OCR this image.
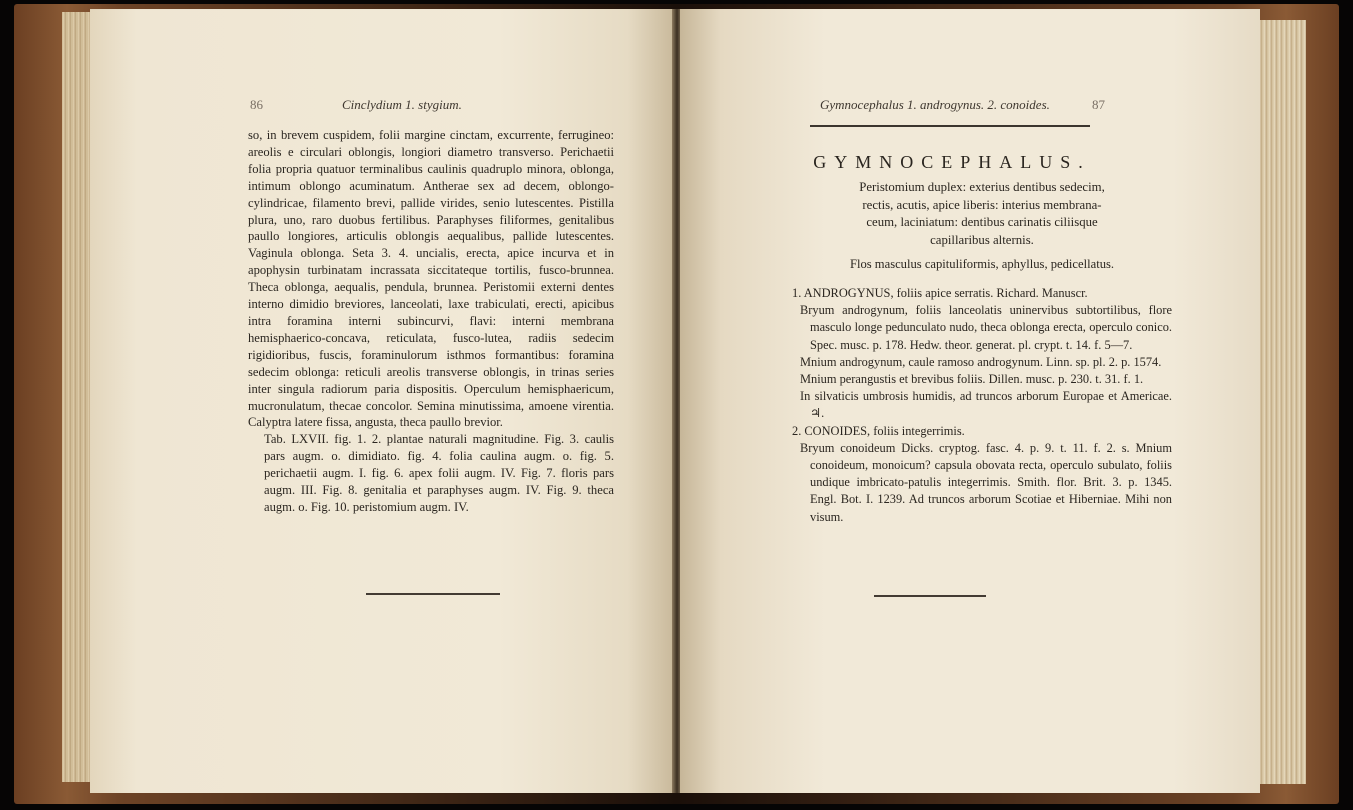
86	Cinclydium 1. stygium.

so, in brevem cuspidem, folii margine cinctam, excurrente, ferrugineo: areolis e circulari oblongis, longiori diametro transverso. Perichaetii folia propria quatuor terminalibus caulinis quadruplo minora, oblonga, intimum oblongo acuminatum. Antherae sex ad decem, oblongo-cylindricae, filamento brevi, pallide virides, senio lutescentes. Pistilla plura, uno, raro duobus fertilibus. Paraphyses filiformes, genitalibus paullo longiores, articulis oblongis aequalibus, pallide lutescentes. Vaginula oblonga. Seta 3. 4. uncialis, erecta, apice incurva et in apophysin turbinatam incrassata siccitateque tortilis, fusco-brunnea. Theca oblonga, aequalis, pendula, brunnea. Peristomii externi dentes interno dimidio breviores, lanceolati, laxe trabiculati, erecti, apicibus intra foramina interni subincurvi, flavi: interni membrana hemisphaerico-concava, reticulata, fusco-lutea, radiis sedecim rigidioribus, fuscis, foraminulorum isthmos formantibus: foramina sedecim oblonga: reticuli areolis transverse oblongis, in trinas series inter singula radiorum paria dispositis. Operculum hemisphaericum, mucronulatum, thecae concolor. Semina minutissima, amoene virentia. Calyptra latere fissa, angusta, theca paullo brevior.

Tab. LXVII. fig. 1. 2. plantae naturali magnitudine. Fig. 3. caulis pars augm. o. dimidiato. fig. 4. folia caulina augm. o. fig. 5. perichaetii augm. I. fig. 6. apex folii augm. IV. Fig. 7. floris pars augm. III. Fig. 8. genitalia et paraphyses augm. IV. Fig. 9. theca augm. o. Fig. 10. peristomium augm. IV.

Gymnocephalus 1. androgynus. 2. conoides.	87
GYMNOCEPHALUS.

Peristomium duplex: exterius dentibus sedecim,

rectis, acutis, apice liberis: interius membrana-

ceum, laciniatum: dentibus carinatis ciliisque

capillaribus alternis.

Flos masculus capituliformis, aphyllus, pedicellatus.

1. ANDROGYNUS, foliis apice serratis. Richard. Manuscr.

Bryum androgynum, foliis lanceolatis uninervibus subtortilibus, flore masculo longe pedunculato nudo, theca oblonga erecta, operculo conico. Spec. musc. p. 178. Hedw. theor. generat. pl. crypt. t. 14. f. 5—7.

Mnium androgynum, caule ramoso androgynum. Linn. sp. pl. 2. p. 1574.

Mnium perangustis et brevibus foliis. Dillen. musc. p. 230. t. 31. f. 1.

In silvaticis umbrosis humidis, ad truncos arborum Europae et Americae. ♃.

2. CONOIDES, foliis integerrimis.

Bryum conoideum Dicks. cryptog. fasc. 4. p. 9. t. 11. f. 2. s. Mnium conoideum, monoicum? capsula obovata recta, operculo subulato, foliis undique imbricato-patulis integerrimis. Smith. flor. Brit. 3. p. 1345. Engl. Bot. I. 1239. Ad truncos arborum Scotiae et Hiberniae. Mihi non visum.
